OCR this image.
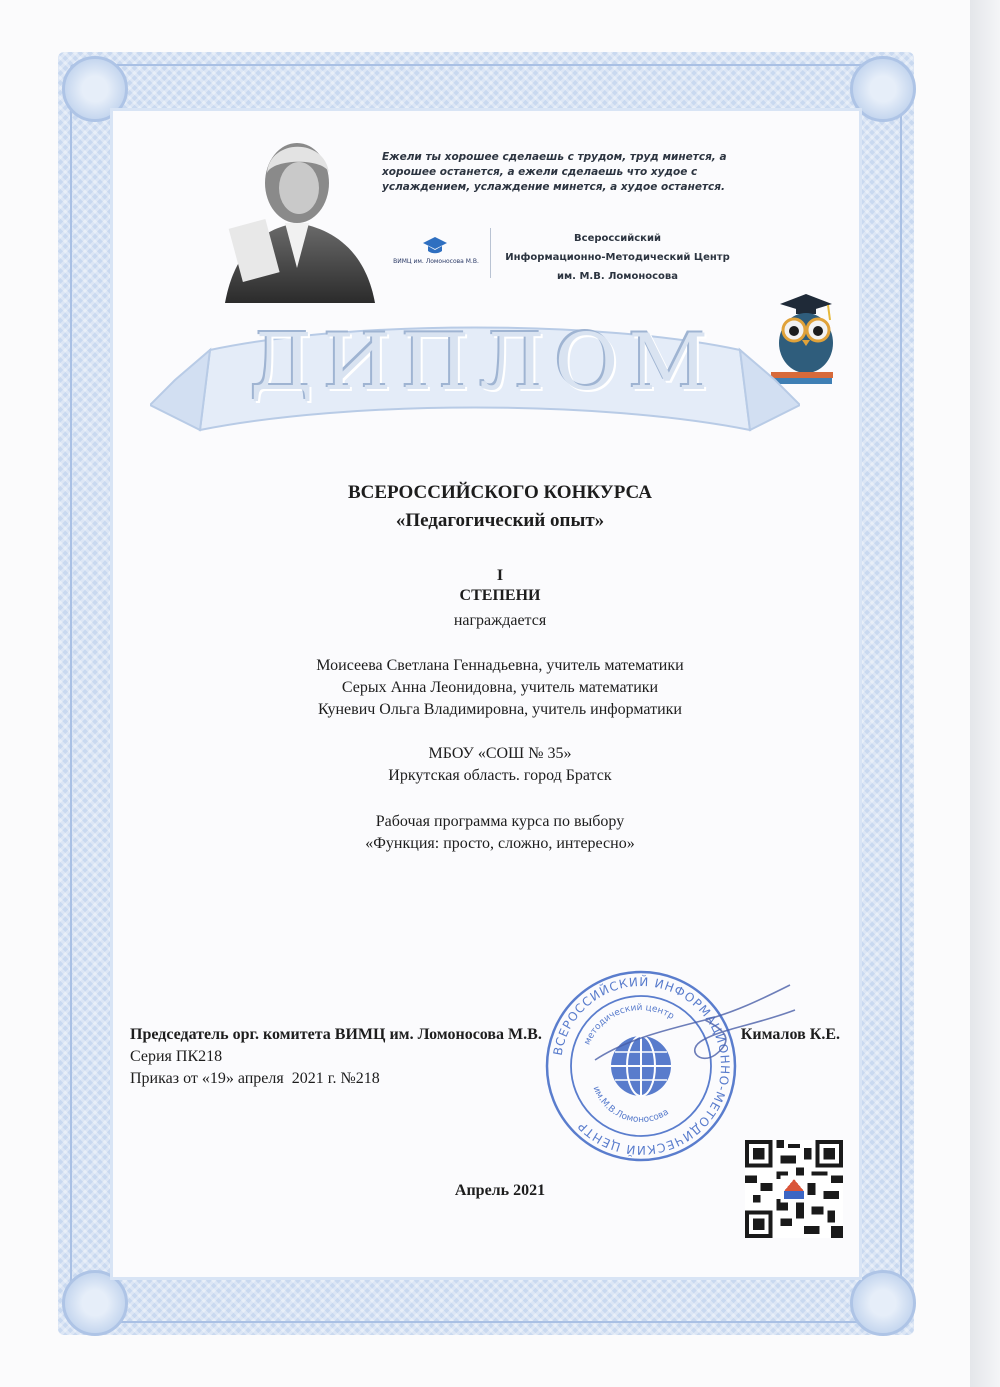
Ежели ты хорошее сделаешь с трудом, труд минется, а
хорошее останется, а ежели сделаешь что худое с
услаждением, услаждение минется, а худое останется.
ВИМЦ им. Ломоносова М.В.
Всероссийский
Информационно-Методический Центр
им. М.В. Ломоносова
ДИПЛОМ
ВСЕРОССИЙСКОГО КОНКУРСА
«Педагогический опыт»
I
СТЕПЕНИ
награждается
Моисеева Светлана Геннадьевна, учитель математики
Серых Анна Леонидовна, учитель математики
Куневич Ольга Владимировна, учитель информатики
МБОУ «СОШ № 35»
Иркутская область. город Братск
Рабочая программа курса по выбору
«Функция: просто, сложно, интересно»
ВСЕРОССИЙСКИЙ ИНФОРМАЦИОННО-МЕТОДИЧЕСКИЙ ЦЕНТР
методический центр
им.М.В.Ломоносова
Председатель орг. комитета ВИМЦ им. Ломоносова М.В.	Кималов К.Е.
Серия ПК218
Приказ от «19» апреля  2021 г. №218
Апрель 2021
